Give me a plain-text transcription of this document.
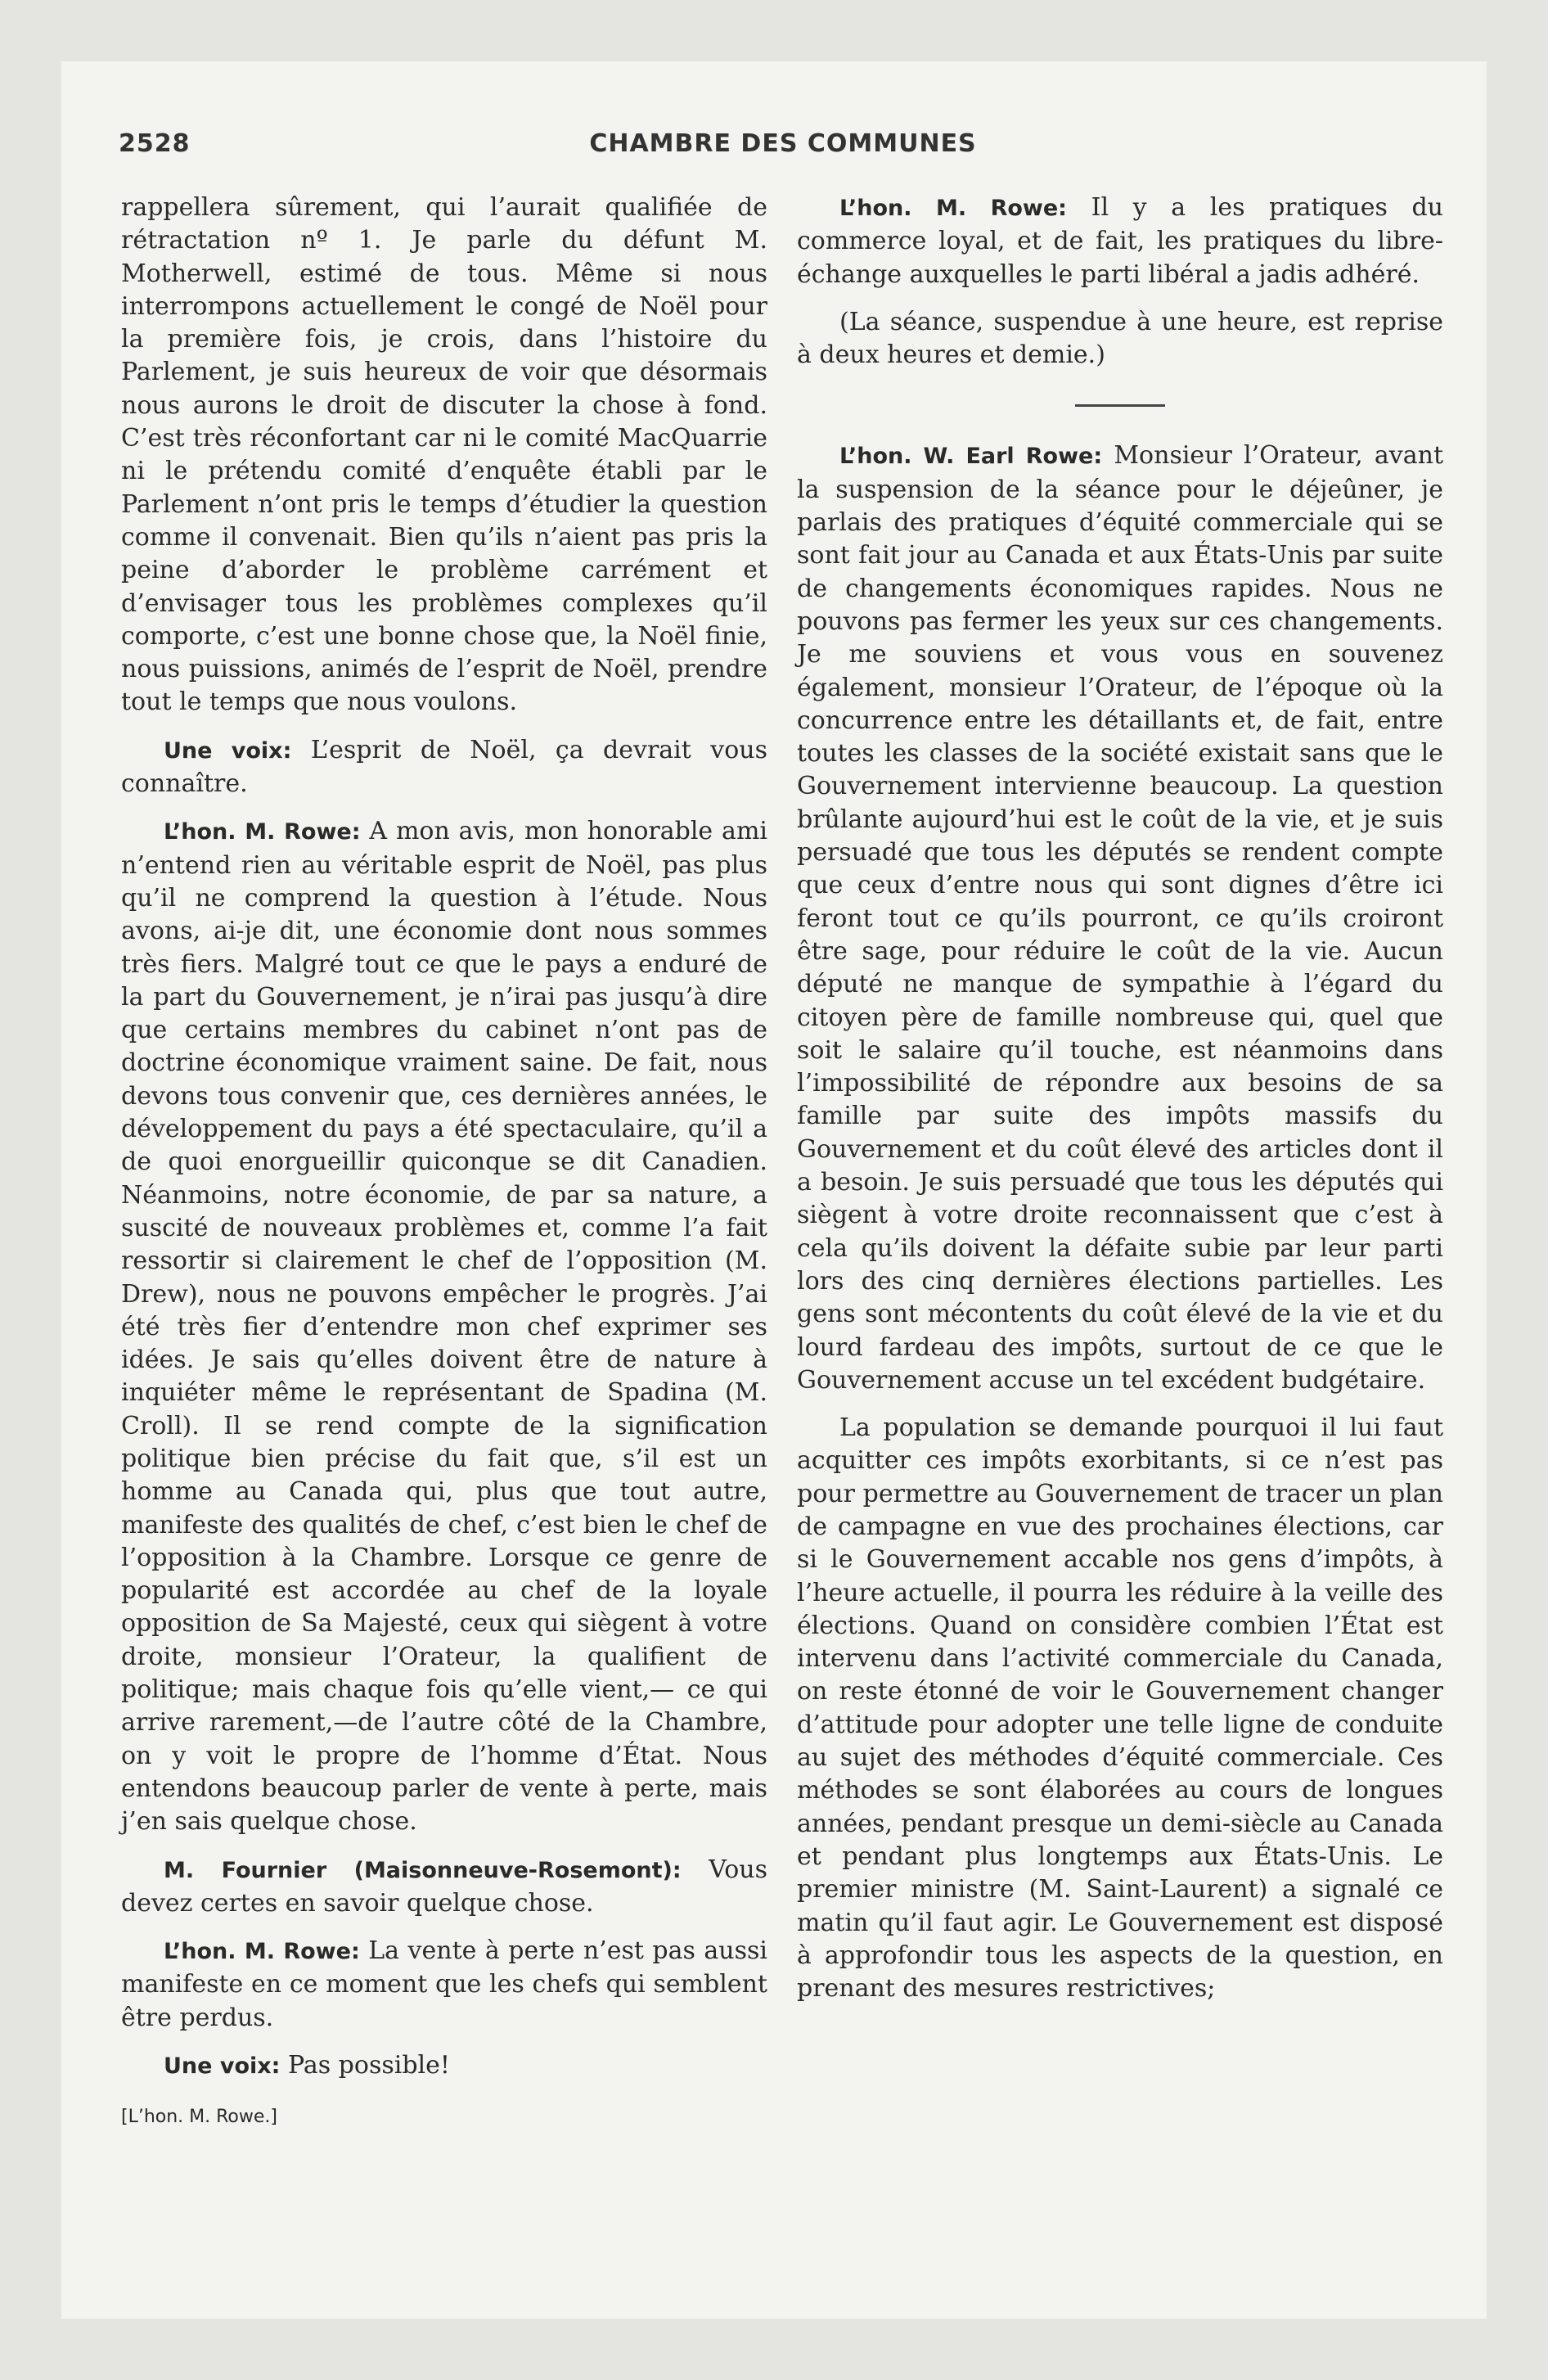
2528	CHAMBRE DES COMMUNES

rappellera sûrement, qui l’aurait qualifiée de rétractation nº 1. Je parle du défunt M. Motherwell, estimé de tous. Même si nous interrompons actuellement le congé de Noël pour la première fois, je crois, dans l’histoire du Parlement, je suis heureux de voir que désormais nous aurons le droit de discuter la chose à fond. C’est très réconfortant car ni le comité MacQuarrie ni le prétendu comité d’enquête établi par le Parlement n’ont pris le temps d’étudier la question comme il convenait. Bien qu’ils n’aient pas pris la peine d’aborder le problème carrément et d’envisager tous les problèmes complexes qu’il comporte, c’est une bonne chose que, la Noël finie, nous puissions, animés de l’esprit de Noël, prendre tout le temps que nous voulons.

Une voix: L’esprit de Noël, ça devrait vous connaître.

L’hon. M. Rowe: A mon avis, mon honorable ami n’entend rien au véritable esprit de Noël, pas plus qu’il ne comprend la question à l’étude. Nous avons, ai-je dit, une économie dont nous sommes très fiers. Malgré tout ce que le pays a enduré de la part du Gouvernement, je n’irai pas jusqu’à dire que certains membres du cabinet n’ont pas de doctrine économique vraiment saine. De fait, nous devons tous convenir que, ces dernières années, le développement du pays a été spectaculaire, qu’il a de quoi enorgueillir quiconque se dit Canadien. Néanmoins, notre économie, de par sa nature, a suscité de nouveaux problèmes et, comme l’a fait ressortir si clairement le chef de l’opposition (M. Drew), nous ne pouvons empêcher le progrès. J’ai été très fier d’entendre mon chef exprimer ses idées. Je sais qu’elles doivent être de nature à inquiéter même le représentant de Spadina (M. Croll). Il se rend compte de la signification politique bien précise du fait que, s’il est un homme au Canada qui, plus que tout autre, manifeste des qualités de chef, c’est bien le chef de l’opposition à la Chambre. Lorsque ce genre de popularité est accordée au chef de la loyale opposition de Sa Majesté, ceux qui siègent à votre droite, monsieur l’Orateur, la qualifient de politique; mais chaque fois qu’elle vient,— ce qui arrive rarement,—de l’autre côté de la Chambre, on y voit le propre de l’homme d’État. Nous entendons beaucoup parler de vente à perte, mais j’en sais quelque chose.

M. Fournier (Maisonneuve-Rosemont): Vous devez certes en savoir quelque chose.

L’hon. M. Rowe: La vente à perte n’est pas aussi manifeste en ce moment que les chefs qui semblent être perdus.

Une voix: Pas possible!

[L’hon. M. Rowe.]

L’hon. M. Rowe: Il y a les pratiques du commerce loyal, et de fait, les pratiques du libre-échange auxquelles le parti libéral a jadis adhéré.

(La séance, suspendue à une heure, est reprise à deux heures et demie.)

L’hon. W. Earl Rowe: Monsieur l’Orateur, avant la suspension de la séance pour le déjeûner, je parlais des pratiques d’équité commerciale qui se sont fait jour au Canada et aux États-Unis par suite de changements économiques rapides. Nous ne pouvons pas fermer les yeux sur ces changements. Je me souviens et vous vous en souvenez également, monsieur l’Orateur, de l’époque où la concurrence entre les détaillants et, de fait, entre toutes les classes de la société existait sans que le Gouvernement intervienne beaucoup. La question brûlante aujourd’hui est le coût de la vie, et je suis persuadé que tous les députés se rendent compte que ceux d’entre nous qui sont dignes d’être ici feront tout ce qu’ils pourront, ce qu’ils croiront être sage, pour réduire le coût de la vie. Aucun député ne manque de sympathie à l’égard du citoyen père de famille nombreuse qui, quel que soit le salaire qu’il touche, est néanmoins dans l’impossibilité de répondre aux besoins de sa famille par suite des impôts massifs du Gouvernement et du coût élevé des articles dont il a besoin. Je suis persuadé que tous les députés qui siègent à votre droite reconnaissent que c’est à cela qu’ils doivent la défaite subie par leur parti lors des cinq dernières élections partielles. Les gens sont mécontents du coût élevé de la vie et du lourd fardeau des impôts, surtout de ce que le Gouvernement accuse un tel excédent budgétaire.

La population se demande pourquoi il lui faut acquitter ces impôts exorbitants, si ce n’est pas pour permettre au Gouvernement de tracer un plan de campagne en vue des prochaines élections, car si le Gouvernement accable nos gens d’impôts, à l’heure actuelle, il pourra les réduire à la veille des élections. Quand on considère combien l’État est intervenu dans l’activité commerciale du Canada, on reste étonné de voir le Gouvernement changer d’attitude pour adopter une telle ligne de conduite au sujet des méthodes d’équité commerciale. Ces méthodes se sont élaborées au cours de longues années, pendant presque un demi-siècle au Canada et pendant plus longtemps aux États-Unis. Le premier ministre (M. Saint-Laurent) a signalé ce matin qu’il faut agir. Le Gouvernement est disposé à approfondir tous les aspects de la question, en prenant des mesures restrictives;
